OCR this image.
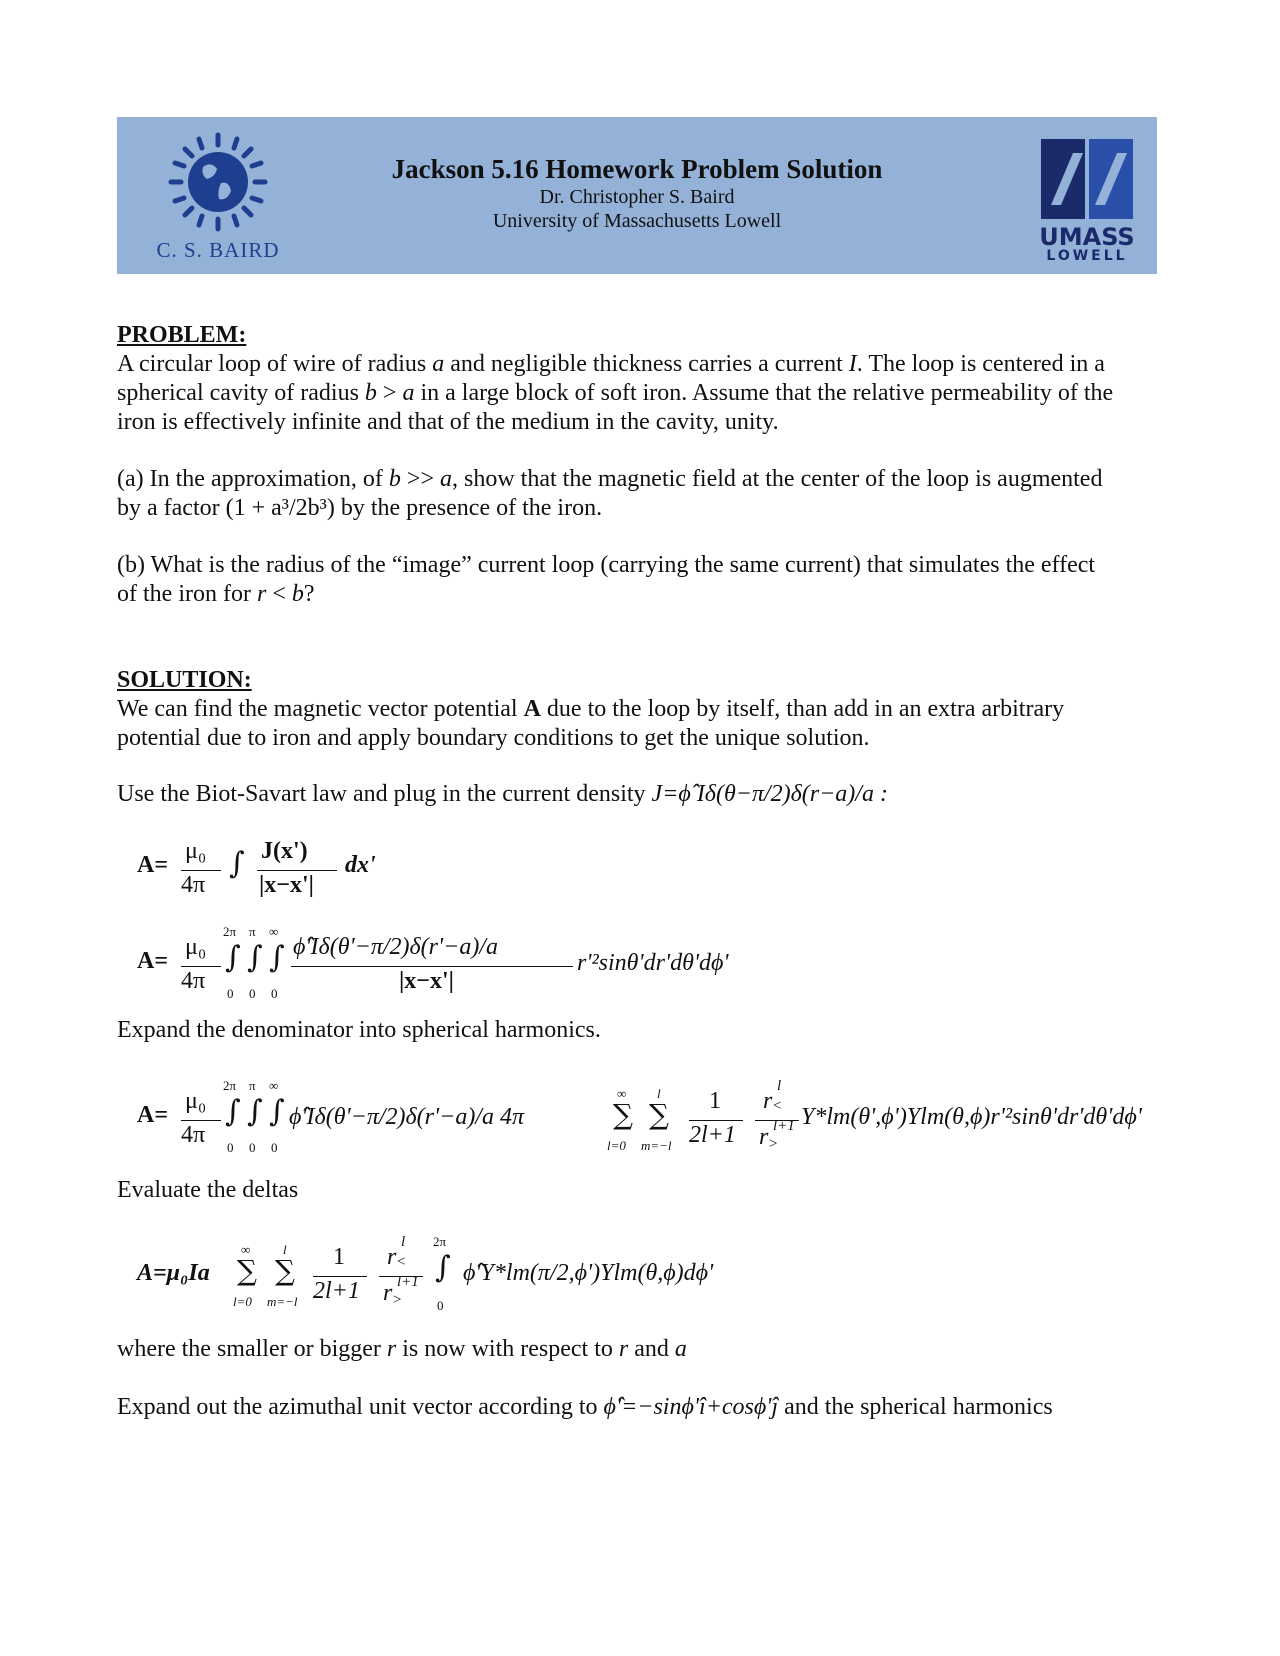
C. S. BAIRD
Jackson 5.16 Homework Problem Solution
Dr. Christopher S. Baird
University of Massachusetts Lowell
UMASS
LOWELL
PROBLEM:
A circular loop of wire of radius a and negligible thickness carries a current I. The loop is centered in a
spherical cavity of radius b > a in a large block of soft iron. Assume that the relative permeability of the
iron is effectively infinite and that of the medium in the cavity, unity.
(a) In the approximation, of b >> a, show that the magnetic field at the center of the loop is augmented
by a factor (1 + a³/2b³) by the presence of the iron.
(b) What is the radius of the “image” current loop (carrying the same current) that simulates the effect
of the iron for r < b?
SOLUTION:
We can find the magnetic vector potential A due to the loop by itself, than add in an extra arbitrary
potential due to iron and apply boundary conditions to get the unique solution.
Use the Biot-Savart law and plug in the current density J=ϕ̂ Iδ(θ−π/2)δ(r−a)/a :
A=
μ₀
4π
∫ J(x')
|x−x'|
dx'
A=
μ₀
4π
2π π ∞
∫ ∫ ∫
0 0 0
ϕ̂'Iδ(θ'−π/2)δ(r'−a)/a
|x−x'|
r'²sinθ'dr'dθ'dϕ'
Expand the denominator into spherical harmonics.
A=
μ₀
4π
2π π ∞
∫ ∫ ∫
0 0 0
ϕ̂'Iδ(θ'−π/2)δ(r'−a)/a 4π
∞
∑
l=0
l
∑
m=−l
1
2l+1
r <
l
r >
l+1 Y*lm(θ',ϕ')Ylm(θ,ϕ)r'²sinθ'dr'dθ'dϕ'
Evaluate the deltas
A=μ₀Ia
∞
∑
l=0
l
∑
m=−l
1
2l+1
r <
l
r >
l+1
2π
∫
0
ϕ̂'Y*lm(π/2,ϕ')Ylm(θ,ϕ)dϕ'
where the smaller or bigger r is now with respect to r and a
Expand out the azimuthal unit vector according to ϕ̂'=−sinϕ'î+cosϕ'ĵ and the spherical harmonics
